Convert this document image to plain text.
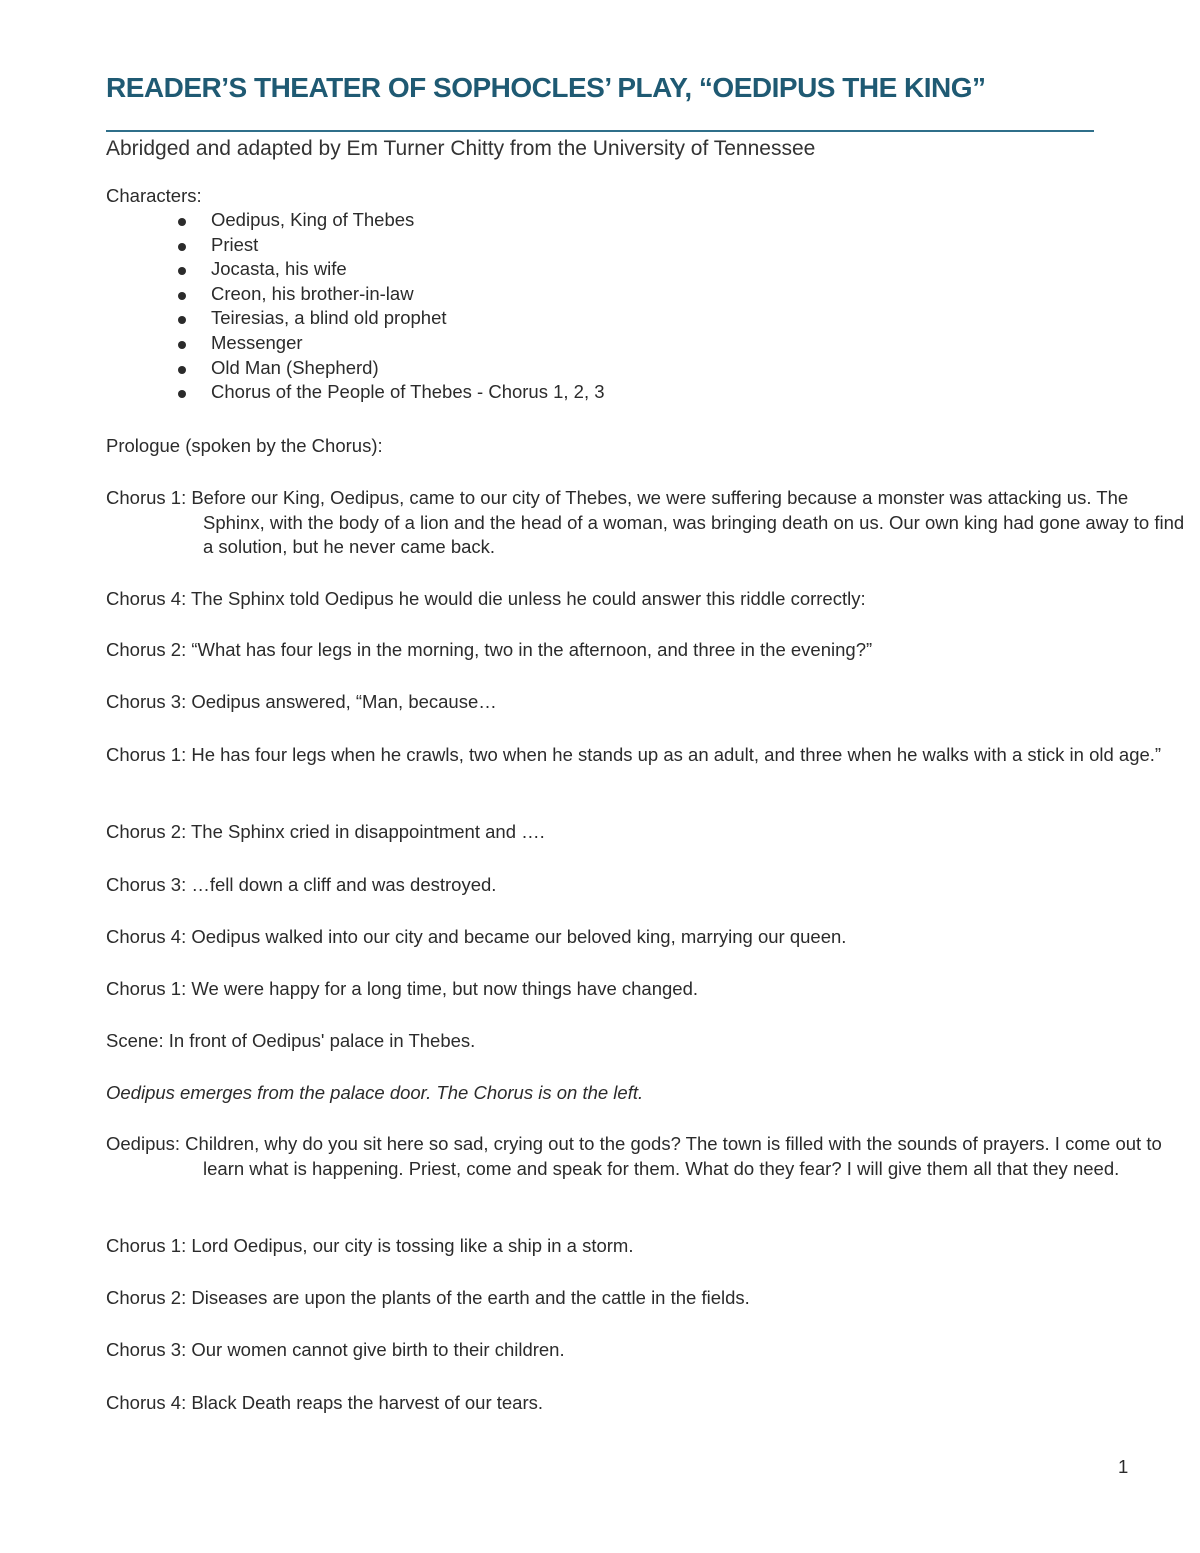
READER’S THEATER OF SOPHOCLES’ PLAY, “OEDIPUS THE KING”
Abridged and adapted by Em Turner Chitty from the University of Tennessee
Characters:
Oedipus, King of Thebes
Priest
Jocasta, his wife
Creon, his brother-in-law
Teiresias, a blind old prophet
Messenger
Old Man (Shepherd)
Chorus of the People of Thebes - Chorus 1, 2, 3
Prologue (spoken by the Chorus):
Chorus 1: Before our King, Oedipus, came to our city of Thebes, we were suffering because a monster was attacking us. The Sphinx, with the body of a lion and the head of a woman, was bringing death on us. Our own king had gone away to find a solution, but he never came back.
Chorus 4: The Sphinx told Oedipus he would die unless he could answer this riddle correctly:
Chorus 2: “What has four legs in the morning, two in the afternoon, and three in the evening?”
Chorus 3: Oedipus answered, “Man, because…
Chorus 1: He has four legs when he crawls, two when he stands up as an adult, and three when he walks with a stick in old age.”
Chorus 2: The Sphinx cried in disappointment and ….
Chorus 3: …fell down a cliff and was destroyed.
Chorus 4: Oedipus walked into our city and became our beloved king, marrying our queen.
Chorus 1: We were happy for a long time, but now things have changed.
Scene: In front of Oedipus' palace in Thebes.
Oedipus emerges from the palace door. The Chorus is on the left.
Oedipus: Children, why do you sit here so sad, crying out to the gods? The town is filled with the sounds of prayers. I come out to learn what is happening. Priest, come and speak for them. What do they fear? I will give them all that they need.
Chorus 1: Lord Oedipus, our city is tossing like a ship in a storm.
Chorus 2: Diseases are upon the plants of the earth and the cattle in the fields.
Chorus 3: Our women cannot give birth to their children.
Chorus 4: Black Death reaps the harvest of our tears.
1
